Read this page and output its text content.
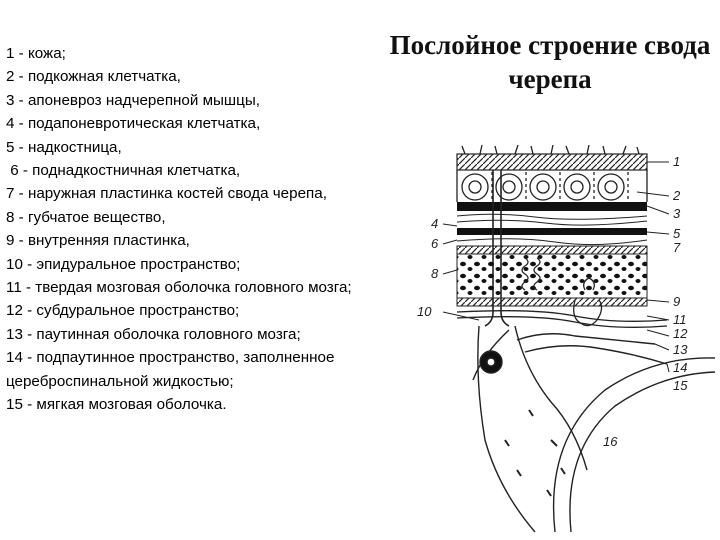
1 - кожа;
2 - подкожная клетчатка,
3 - апоневроз надчерепной мышцы,
4 - подапоневротическая клетчатка,
5 - надкостница,
6 - поднадкостничная клетчатка,
7 - наружная пластинка костей свода черепа,
8 - губчатое вещество,
9 - внутренняя пластинка,
10 - эпидуральное пространство;
11 - твердая мозговая оболочка головного мозга;
12 - субдуральное пространство;
13 - паутинная оболочка головного мозга;
14 - подпаутинное пространство, заполненное цереброспинальной жидкостью;
15 - мягкая мозговая оболочка.
Послойное строение свода черепа
1
2
3
4
5
6	7
8
9
10
11
12
13
14
15
16
